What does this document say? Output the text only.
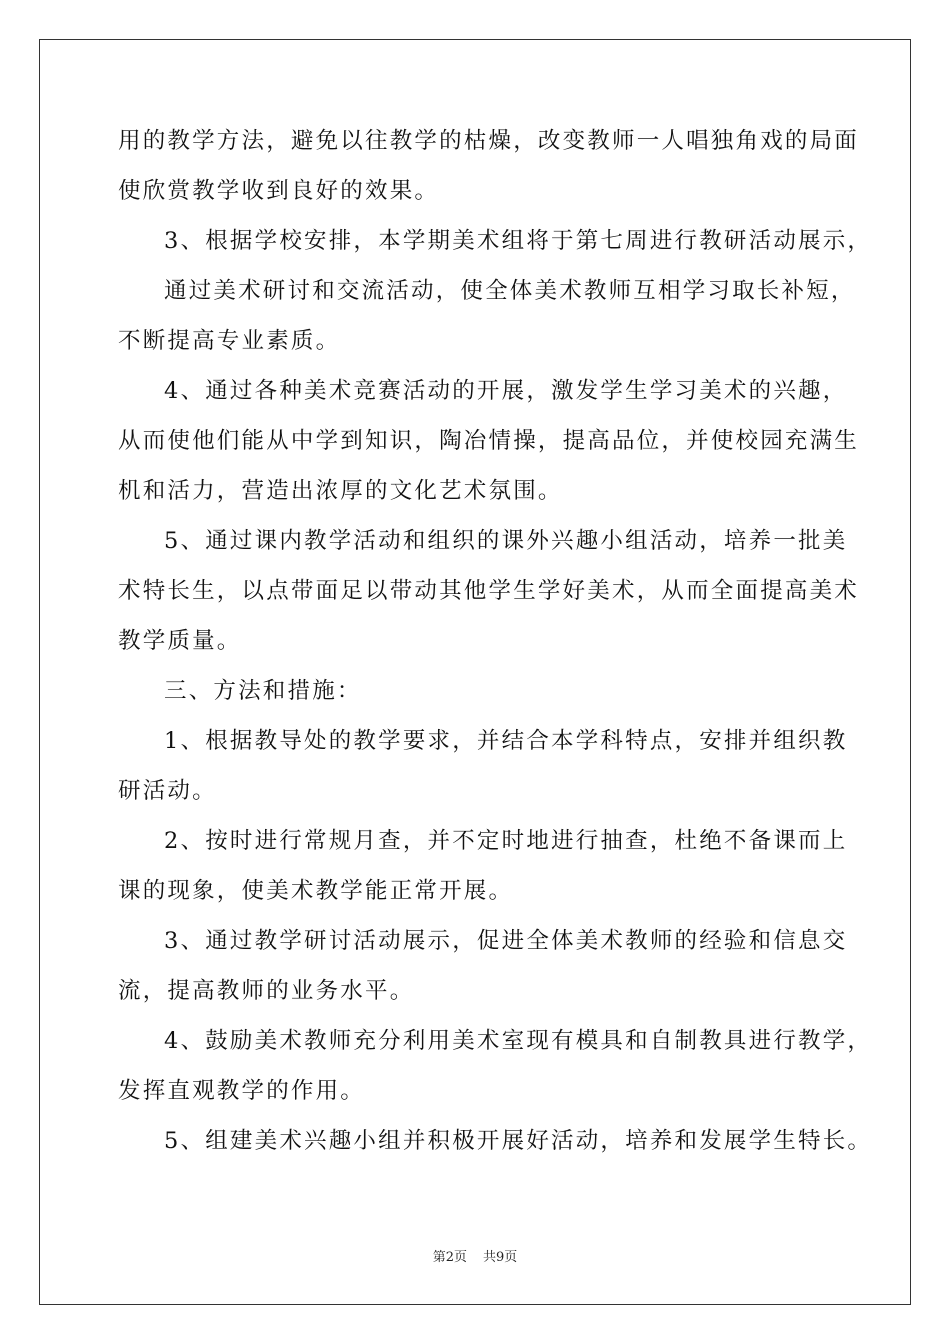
用的教学方法，避免以往教学的枯燥，改变教师一人唱独角戏的局面
使欣赏教学收到良好的效果。
3、根据学校安排，本学期美术组将于第七周进行教研活动展示，
通过美术研讨和交流活动，使全体美术教师互相学习取长补短，
不断提高专业素质。
4、通过各种美术竞赛活动的开展，激发学生学习美术的兴趣，
从而使他们能从中学到知识，陶冶情操，提高品位，并使校园充满生
机和活力，营造出浓厚的文化艺术氛围。
5、通过课内教学活动和组织的课外兴趣小组活动，培养一批美
术特长生，以点带面足以带动其他学生学好美术，从而全面提高美术
教学质量。
三、方法和措施：
1、根据教导处的教学要求，并结合本学科特点，安排并组织教
研活动。
2、按时进行常规月查，并不定时地进行抽查，杜绝不备课而上
课的现象，使美术教学能正常开展。
3、通过教学研讨活动展示，促进全体美术教师的经验和信息交
流，提高教师的业务水平。
4、鼓励美术教师充分利用美术室现有模具和自制教具进行教学，
发挥直观教学的作用。
5、组建美术兴趣小组并积极开展好活动，培养和发展学生特长。
第2页 共9页
